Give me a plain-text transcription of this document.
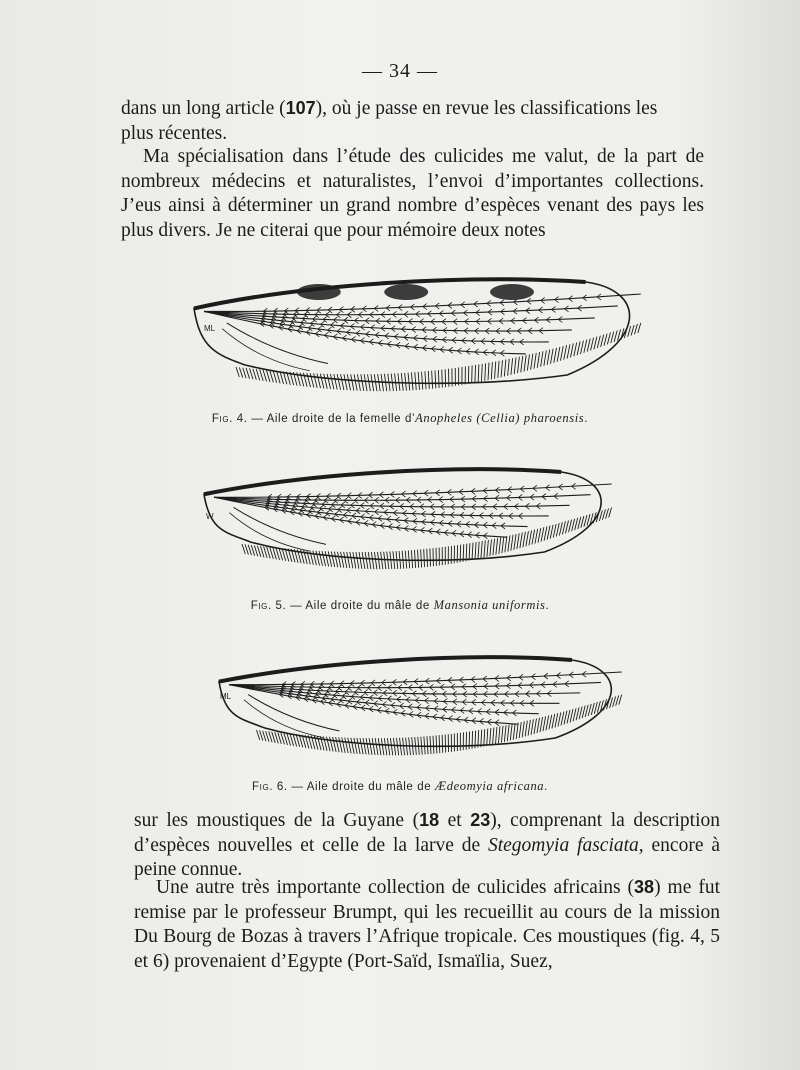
— 34 —

dans un long article (107), où je passe en revue les classifications les
plus récentes.

Ma spécialisation dans l’étude des culicides me valut, de la part de nombreux médecins et naturalistes, l’envoi d’importantes collections. J’eus ainsi à déterminer un grand nombre d’espèces venant des pays les plus divers. Je ne citerai que pour mémoire deux notes

ML
Fig. 4. — Aile droite de la femelle d’Anopheles (Cellia) pharoensis.
W
Fig. 5. — Aile droite du mâle de Mansonia uniformis.
ML
Fig. 6. — Aile droite du mâle de Ædeomyia africana.

sur les moustiques de la Guyane (18 et 23), comprenant la description d’espèces nouvelles et celle de la larve de Stegomyia fasciata, encore à peine connue.

Une autre très importante collection de culicides africains (38) me fut remise par le professeur Brumpt, qui les recueillit au cours de la mission Du Bourg de Bozas à travers l’Afrique tropicale. Ces moustiques (fig. 4, 5 et 6) provenaient d’Egypte (Port-Saïd, Ismaïlia, Suez,
